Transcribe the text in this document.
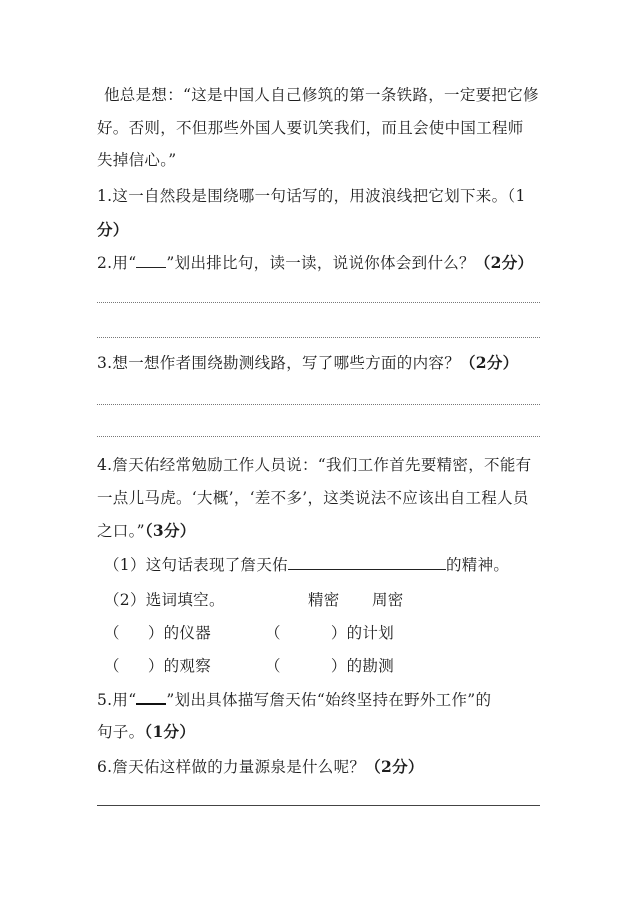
他总是想：“这是中国人自己修筑的第一条铁路，一定要把它修
好。否则，不但那些外国人要讥笑我们，而且会使中国工程师
失掉信心。”
1.这一自然段是围绕哪一句话写的，用波浪线把它划下来。（1
分）
2.用“ ”划出排比句，读一读，说说你体会到什么？（2分）
3.想一想作者围绕勘测线路，写了哪些方面的内容？（2分）
4.詹天佑经常勉励工作人员说：“我们工作首先要精密，不能有
一点儿马虎。‘大概’，‘差不多’，这类说法不应该出自工程人员
之口。”（3分）
（1）这句话表现了詹天佑	的精神。
（2）选词填空。	精密 周密
（ ）的仪器	（	）的计划
（ ）的观察	（	）的勘测
5.用“ ”划出具体描写詹天佑“始终坚持在野外工作”的
句子。（1分）
6.詹天佑这样做的力量源泉是什么呢？（2分）
